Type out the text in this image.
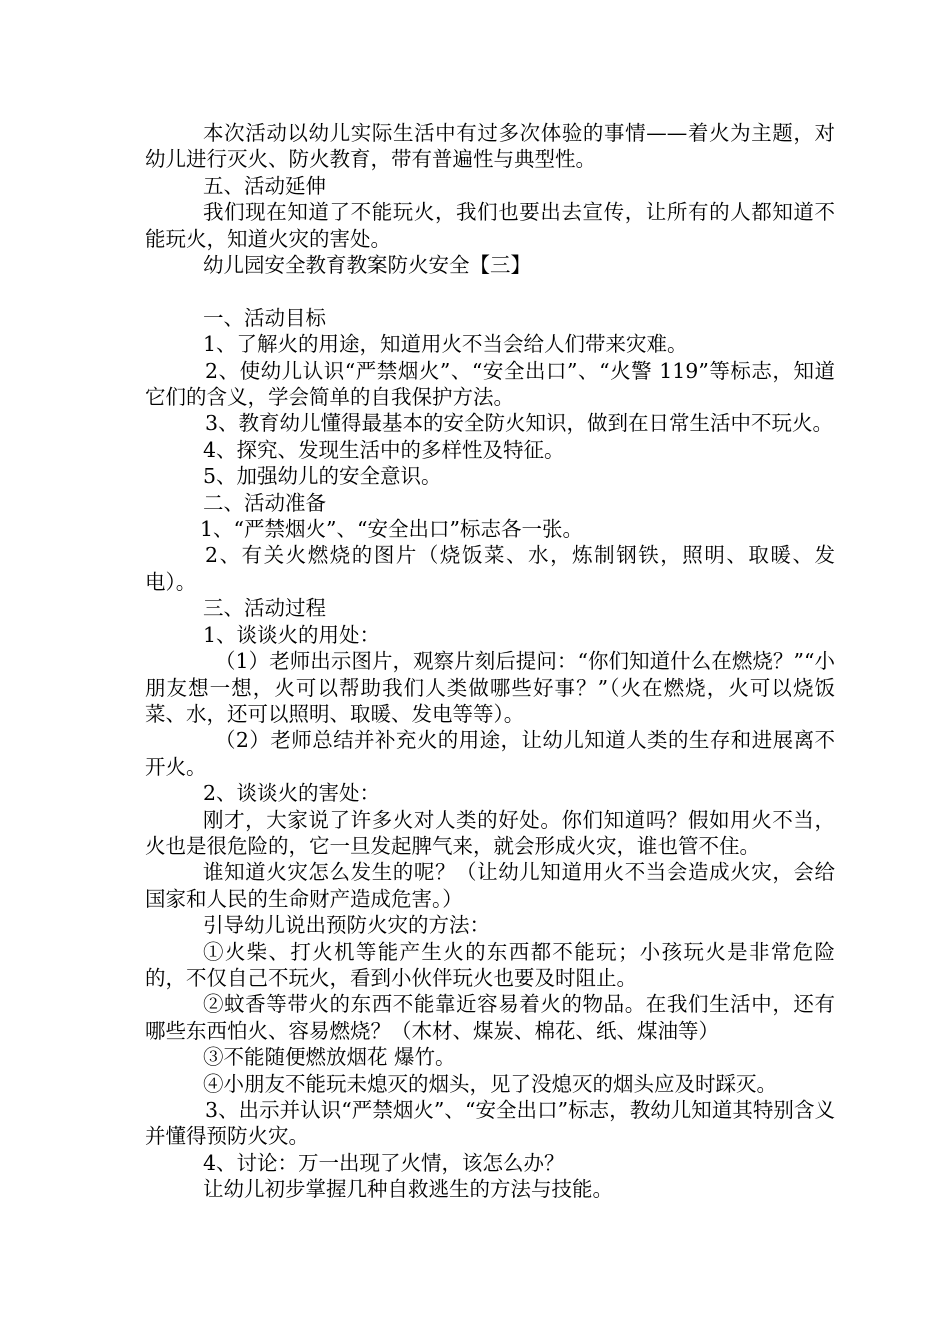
本次活动以幼儿实际生活中有过多次体验的事情——着火为主题，对幼儿进行灭火、防火教育，带有普遍性与典型性。

五、活动延伸

我们现在知道了不能玩火，我们也要出去宣传，让所有的人都知道不能玩火，知道火灾的害处。

幼儿园安全教育教案防火安全【三】

一、活动目标

1、了解火的用途，知道用火不当会给人们带来灾难。

2、使幼儿认识“严禁烟火”、“安全出口”、“火警 119”等标志，知道它们的含义，学会简单的自我保护方法。

3、教育幼儿懂得最基本的安全防火知识，做到在日常生活中不玩火。

4、探究、发现生活中的多样性及特征。

5、加强幼儿的安全意识。

二、活动准备

1、“严禁烟火”、“安全出口”标志各一张。

2、有关火燃烧的图片（烧饭菜、水，炼制钢铁，照明、取暖、发电）。

三、活动过程

1、谈谈火的用处：

（1）老师出示图片，观察片刻后提问：“你们知道什么在燃烧？”“小朋友想一想，火可以帮助我们人类做哪些好事？”（火在燃烧，火可以烧饭菜、水，还可以照明、取暖、发电等等）。

（2）老师总结并补充火的用途，让幼儿知道人类的生存和进展离不开火。

2、谈谈火的害处：

刚才，大家说了许多火对人类的好处。你们知道吗？假如用火不当，火也是很危险的，它一旦发起脾气来，就会形成火灾，谁也管不住。

谁知道火灾怎么发生的呢？（让幼儿知道用火不当会造成火灾，会给国家和人民的生命财产造成危害。）

引导幼儿说出预防火灾的方法：

①火柴、打火机等能产生火的东西都不能玩；小孩玩火是非常危险的，不仅自己不玩火，看到小伙伴玩火也要及时阻止。

②蚊香等带火的东西不能靠近容易着火的物品。在我们生活中，还有哪些东西怕火、容易燃烧？（木材、煤炭、棉花、纸、煤油等）

③不能随便燃放烟花 爆竹。

④小朋友不能玩未熄灭的烟头，见了没熄灭的烟头应及时踩灭。

3、出示并认识“严禁烟火”、“安全出口”标志，教幼儿知道其特别含义并懂得预防火灾。

4、讨论：万一出现了火情，该怎么办？

让幼儿初步掌握几种自救逃生的方法与技能。
